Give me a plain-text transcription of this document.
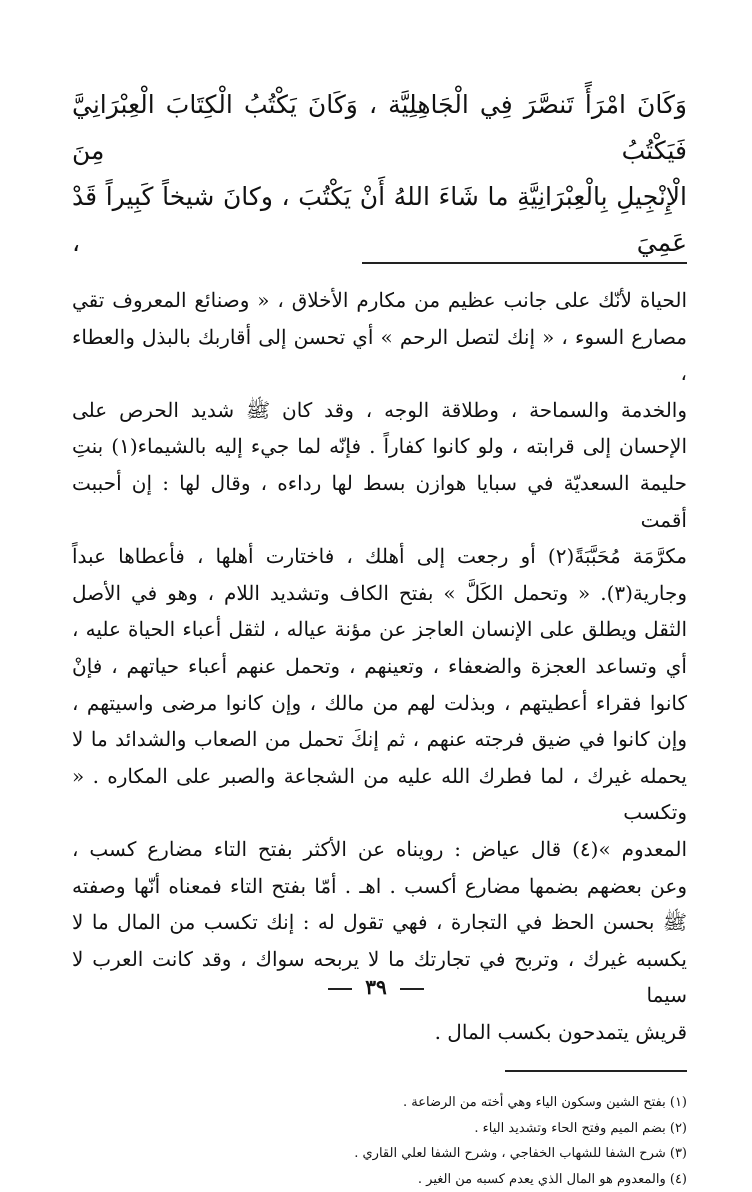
وَكَانَ امْرَأً تَنصَّرَ فِي الْجَاهِلِيَّة ، وَكَانَ يَكْتُبُ الْكِتَابَ الْعِبْرَانِيَّ فَيَكْتُبُ مِنَ

الْإِنْجِيلِ بِالْعِبْرَانِيَّةِ ما شَاءَ اللهُ أَنْ يَكْتُبَ ، وكانَ شيخاً كَبِيراً قَدْ عَمِيَ ،

الحياة لأنّك على جانب عظيم من مكارم الأخلاق ، « وصنائع المعروف تقي

مصارع السوء ، « إنك لتصل الرحم » أي تحسن إلى أقاربك بالبذل والعطاء ،

والخدمة والسماحة ، وطلاقة الوجه ، وقد كان ﷺ شديد الحرص على

الإحسان إلى قرابته ، ولو كانوا كفاراً . فإنّه لما جيء إليه بالشيماء(١) بنتِ

حليمة السعديّة في سبايا هوازن بسط لها رداءه ، وقال لها : إن أحببت أقمت

مكرَّمَة مُحَبَّبَةً(٢) أو رجعت إلى أهلك ، فاختارت أهلها ، فأعطاها عبداً

وجارية(٣). « وتحمل الكَلَّ » بفتح الكاف وتشديد اللام ، وهو في الأصل

الثقل ويطلق على الإنسان العاجز عن مؤنة عياله ، لثقل أعباء الحياة عليه ،

أي وتساعد العجزة والضعفاء ، وتعينهم ، وتحمل عنهم أعباء حياتهم ، فإنْ

كانوا فقراء أعطيتهم ، وبذلت لهم من مالك ، وإن كانوا مرضى واسيتهم ،

وإن كانوا في ضيق فرجته عنهم ، ثم إنكَ تحمل من الصعاب والشدائد ما لا

يحمله غيرك ، لما فطرك الله عليه من الشجاعة والصبر على المكاره . « وتكسب

المعدوم »(٤) قال عياض : رويناه عن الأكثر بفتح التاء مضارع كسب ،

وعن بعضهم بضمها مضارع أكسب . اهـ . أمّا بفتح التاء فمعناه أنّها وصفته

ﷺ بحسن الحظ في التجارة ، فهي تقول له : إنك تكسب من المال ما لا

يكسبه غيرك ، وتربح في تجارتك ما لا يربحه سواك ، وقد كانت العرب لا سيما

قريش يتمدحون بكسب المال .

(١) بفتح الشين وسكون الياء وهي أخته من الرضاعة .

(٢) بضم الميم وفتح الحاء وتشديد الياء .

(٣) شرح الشفا للشهاب الخفاجي ، وشرح الشفا لعلي القاري .

(٤) والمعدوم هو المال الذي يعدم كسبه من الغير .

٣٩
